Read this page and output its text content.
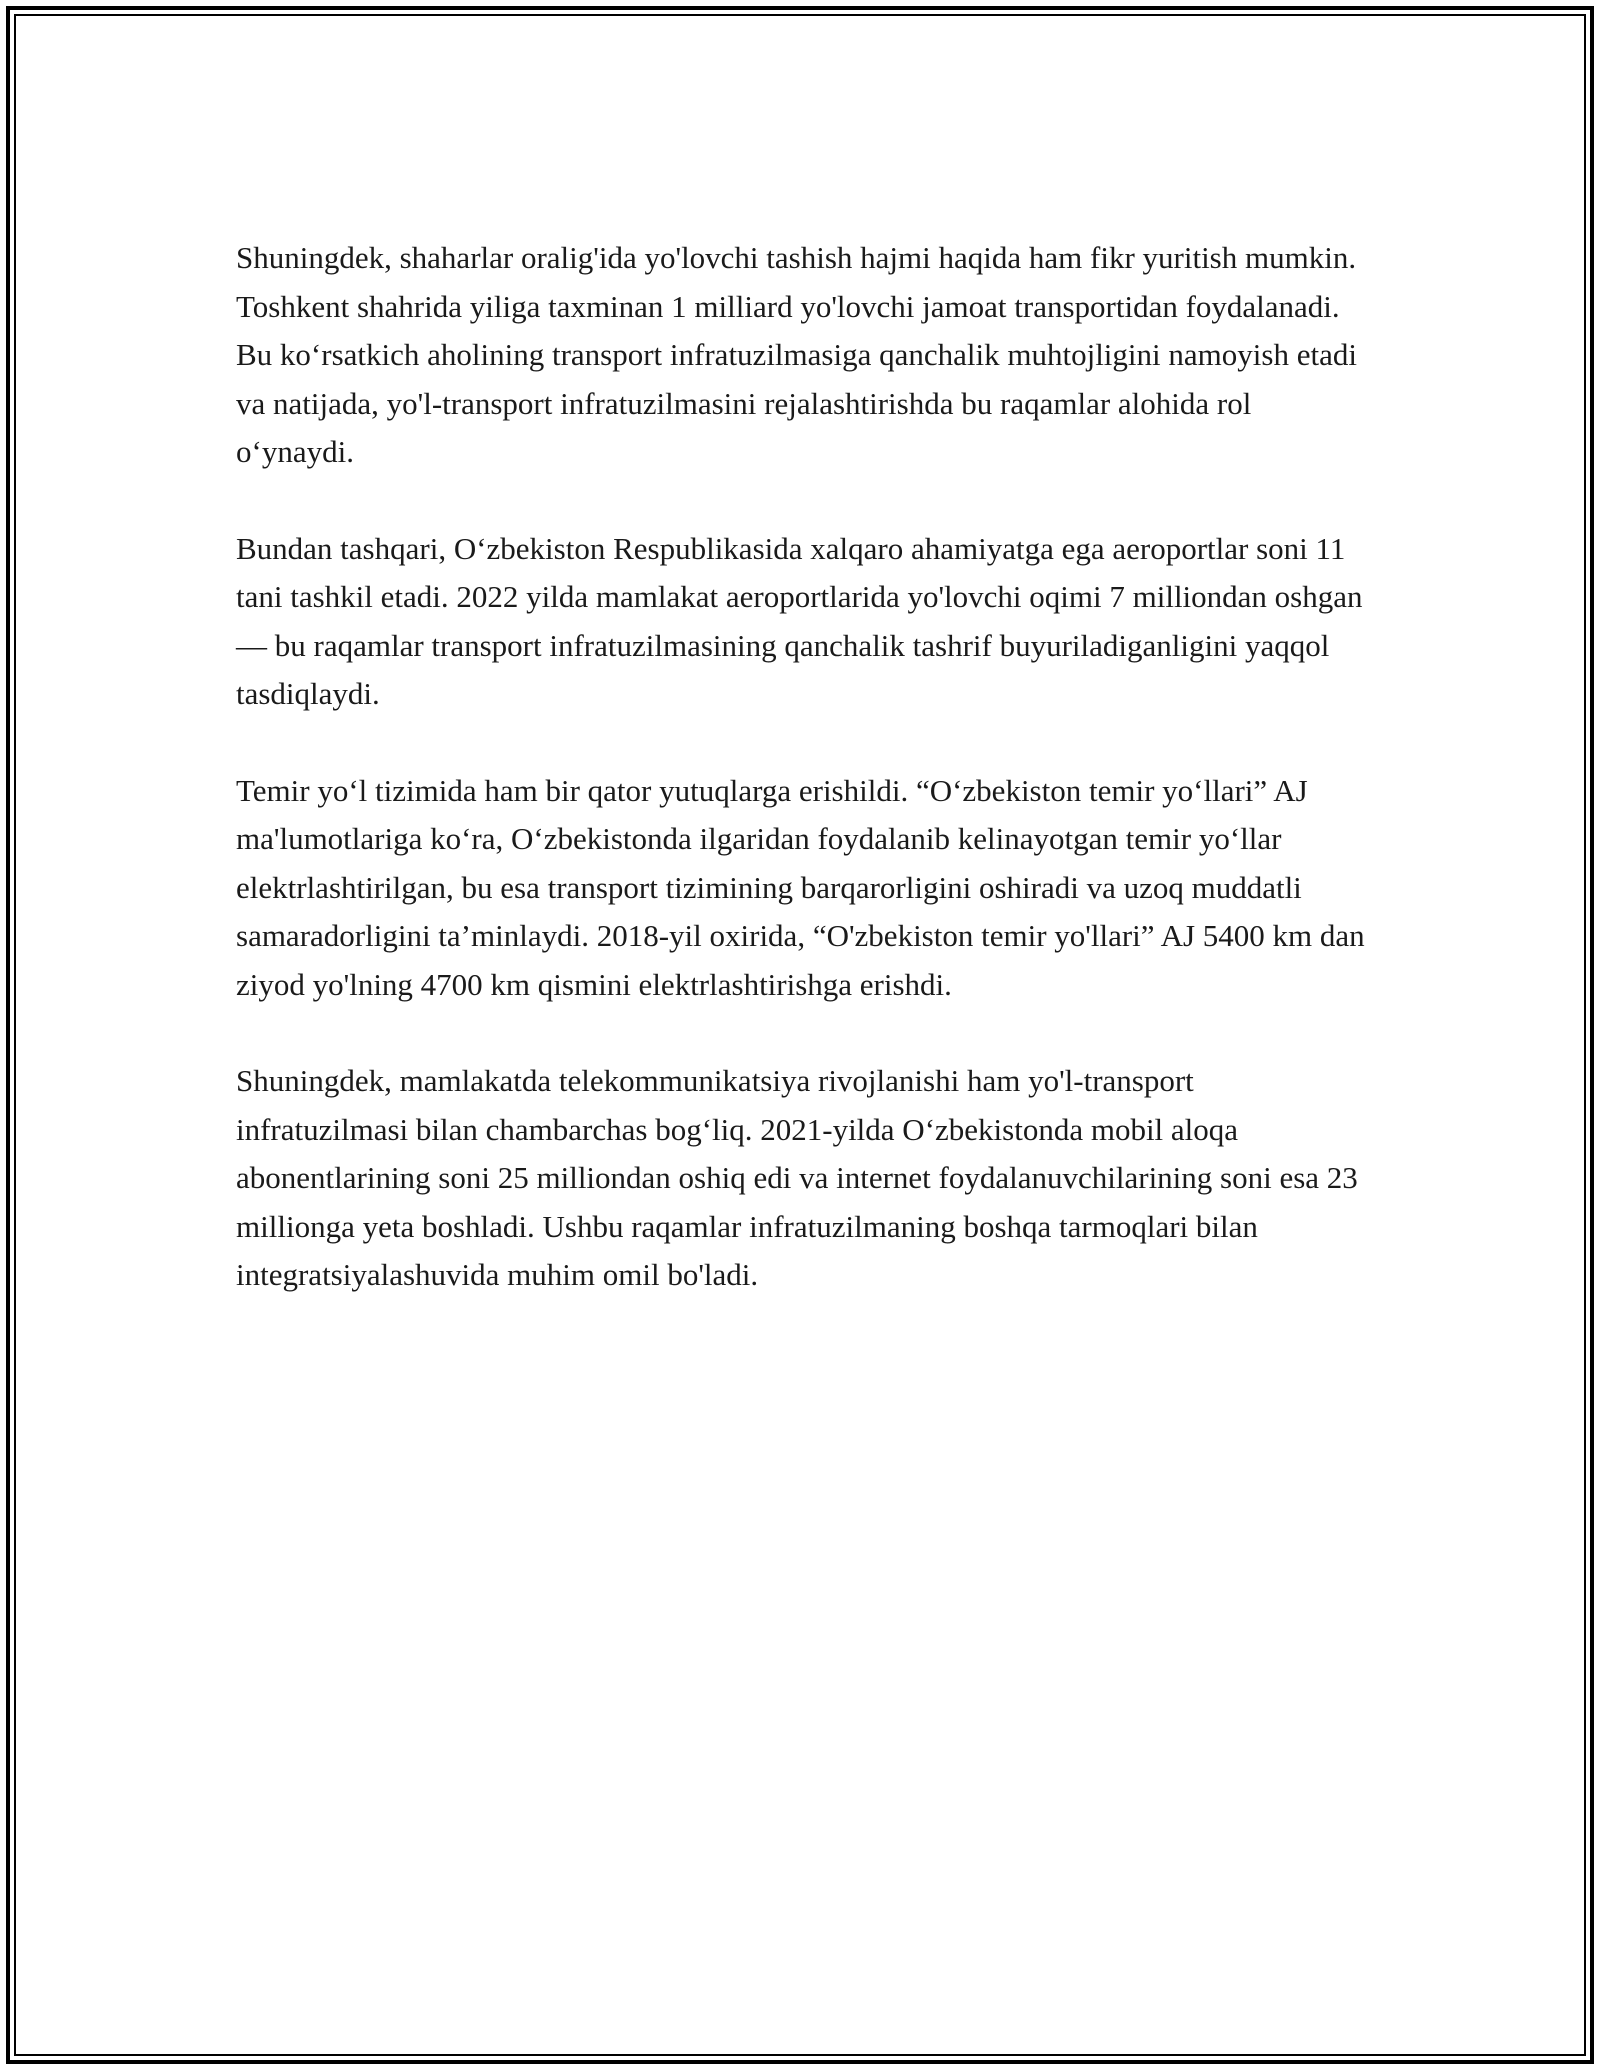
Shuningdek, shaharlar oralig'ida yo'lovchi tashish hajmi haqida ham fikr yuritish mumkin. Toshkent shahrida yiliga taxminan 1 milliard yo'lovchi jamoat transportidan foydalanadi. Bu ko‘rsatkich aholining transport infratuzilmasiga qanchalik muhtojligini namoyish etadi va natijada, yo'l-transport infratuzilmasini rejalashtirishda bu raqamlar alohida rol o‘ynaydi.

Bundan tashqari, O‘zbekiston Respublikasida xalqaro ahamiyatga ega aeroportlar soni 11 tani tashkil etadi. 2022 yilda mamlakat aeroportlarida yo'lovchi oqimi 7 milliondan oshgan — bu raqamlar transport infratuzilmasining qanchalik tashrif buyuriladiganligini yaqqol tasdiqlaydi.

Temir yo‘l tizimida ham bir qator yutuqlarga erishildi. “O‘zbekiston temir yo‘llari” AJ ma'lumotlariga ko‘ra, O‘zbekistonda ilgaridan foydalanib kelinayotgan temir yo‘llar elektrlashtirilgan, bu esa transport tizimining barqarorligini oshiradi va uzoq muddatli samaradorligini ta’minlaydi. 2018-yil oxirida, “O'zbekiston temir yo'llari” AJ 5400 km dan ziyod yo'lning 4700 km qismini elektrlashtirishga erishdi.

Shuningdek, mamlakatda telekommunikatsiya rivojlanishi ham yo'l-transport infratuzilmasi bilan chambarchas bog‘liq. 2021-yilda O‘zbekistonda mobil aloqa abonentlarining soni 25 milliondan oshiq edi va internet foydalanuvchilarining soni esa 23 millionga yeta boshladi. Ushbu raqamlar infratuzilmaning boshqa tarmoqlari bilan integratsiyalashuvida muhim omil bo'ladi.
